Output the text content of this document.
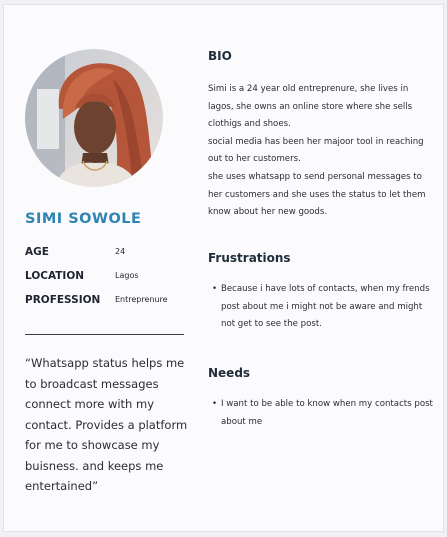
SIMI SOWOLE
AGE	24
LOCATION	Lagos
PROFESSION Entreprenure
“Whatsapp status helps me to broadcast messages connect more with my contact. Provides a platform for me to showcase my buisness. and keeps me entertained”
BIO

Simi is a 24 year old entreprenure, she lives in lagos, she owns an online store where she sells clothigs and shoes.

social media has been her majoor tool in reaching out to her customers.

she uses whatsapp to send personal messages to her customers and she uses the status to let them know about her new goods.

Frustrations
• Because i have lots of contacts, when my frends post about me i might not be aware and might not get to see the post.
Needs
• I want to be able to know when my contacts post about me
